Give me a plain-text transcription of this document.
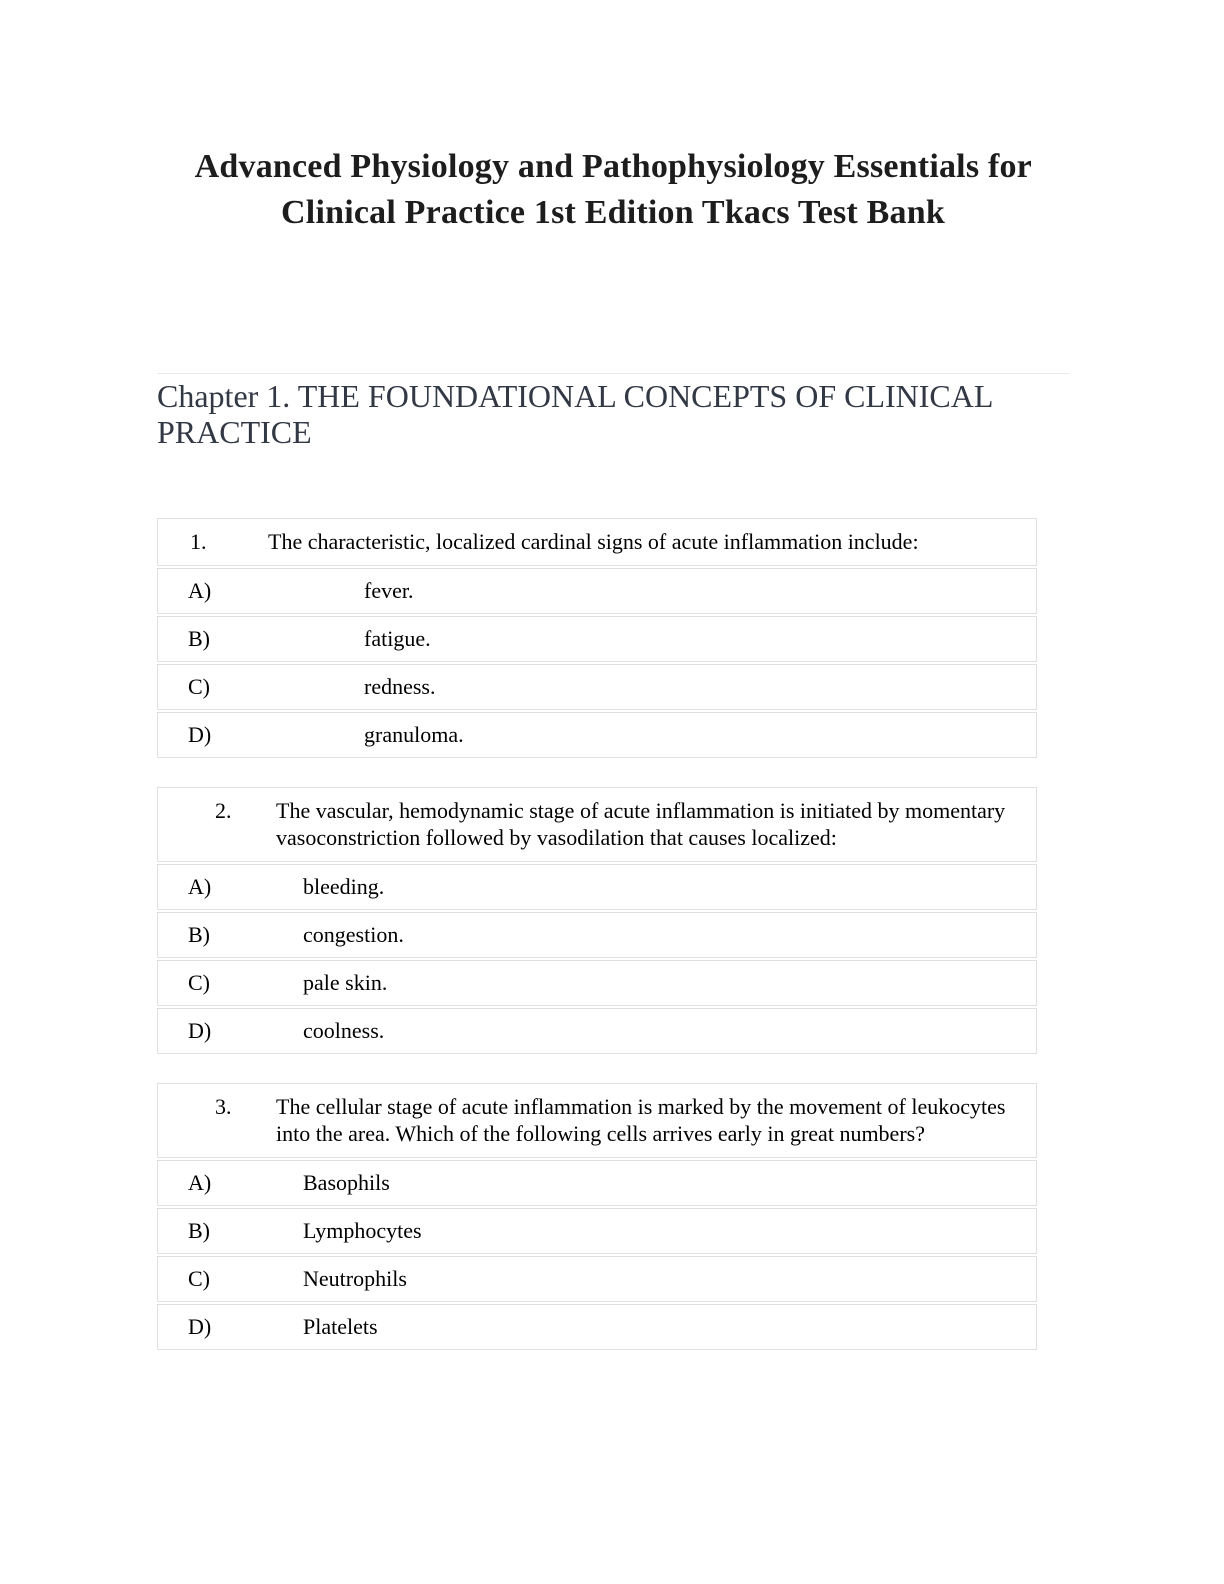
Advanced Physiology and Pathophysiology Essentials for Clinical Practice 1st Edition Tkacs Test Bank
Chapter 1. THE FOUNDATIONAL CONCEPTS OF CLINICAL
PRACTICE
1.	The characteristic, localized cardinal signs of acute inflammation include:
A)	fever.
B)	fatigue.
C)	redness.
D)	granuloma.
2.	The vascular, hemodynamic stage of acute inflammation is initiated by momentary vasoconstriction followed by vasodilation that causes localized:
A)	bleeding.
B)	congestion.
C)	pale skin.
D)	coolness.
3.	The cellular stage of acute inflammation is marked by the movement of leukocytes into the area. Which of the following cells arrives early in great numbers?
A)	Basophils
B)	Lymphocytes
C)	Neutrophils
D)	Platelets
